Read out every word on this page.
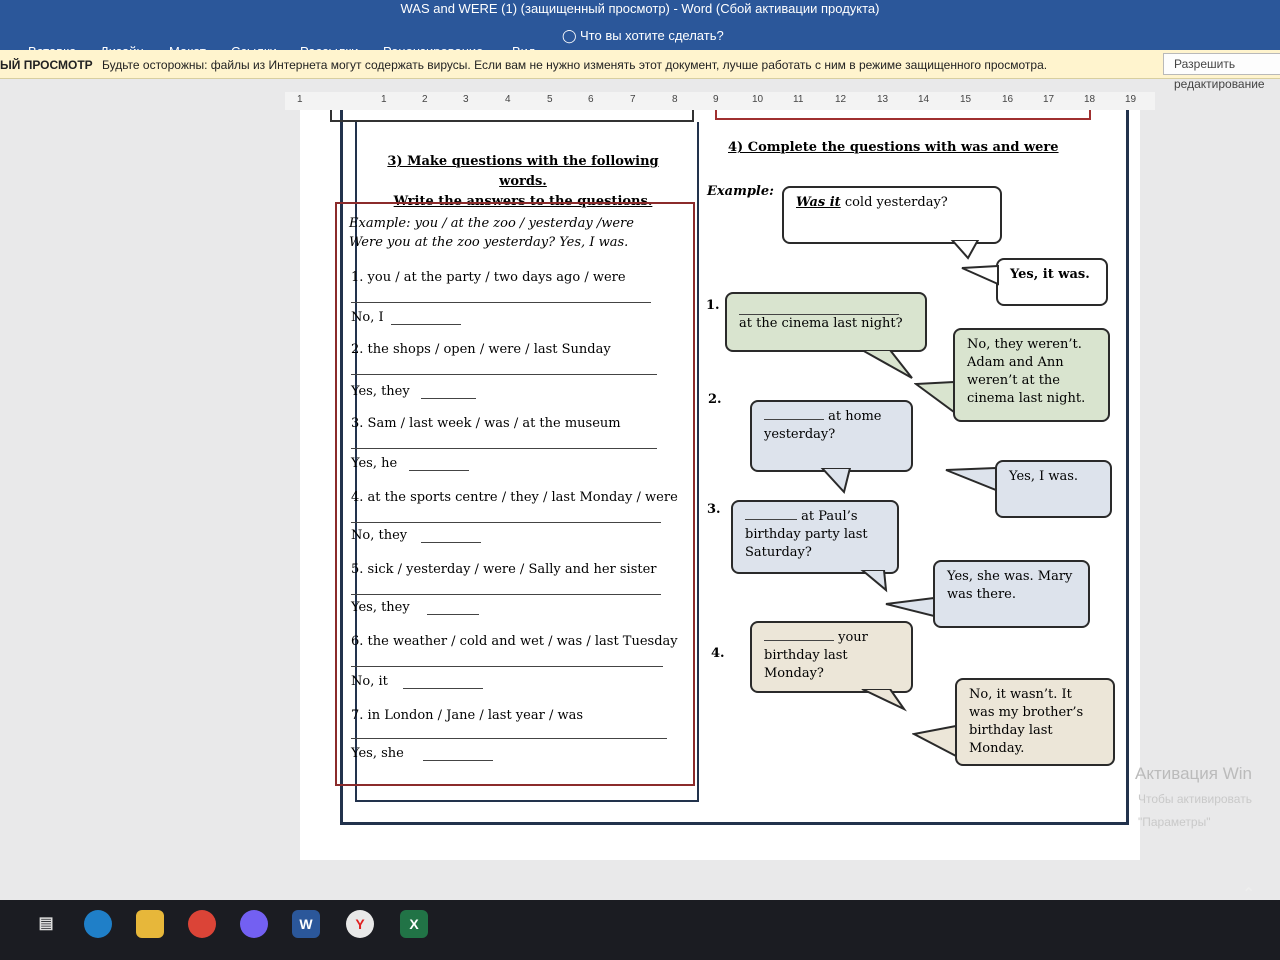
WAS and WERE (1) (защищенный просмотр) - Word (Сбой активации продукта)
◯ Что вы хотите сделать?
ЫЙ ПРОСМОТР Будьте осторожны: файлы из Интернета могут содержать вирусы. Если вам не нужно изменять этот документ, лучше работать с ним в режиме защищенного просмотра.	Разрешить редактирование
1	1	2	3	4	5	6	7	8	9	10	11	12	13	14	15	16	17	18	19
3) Make questions with the following words.
Write the answers to the questions.
Example: you / at the zoo / yesterday /were
Were you at the zoo yesterday? Yes, I was.
1. you / at the party / two days ago / were
No, I
2. the shops / open / were / last Sunday
Yes, they
3. Sam / last week / was / at the museum
Yes, he
4. at the sports centre / they / last Monday / were
No, they
5. sick / yesterday / were / Sally and her sister
Yes, they
6. the weather / cold and wet / was / last Tuesday
No, it
7. in London / Jane / last year / was
Yes, she
4) Complete the questions with was and were
Example:
Was it cold yesterday?
Yes, it was.
1.
at the cinema last night?
No, they weren’t. Adam and Ann weren’t at the cinema last night.
2.
at home
yesterday?
Yes, I was.
3.	at Paul’s
birthday party last
Saturday?
Yes, she was. Mary was there.
4.
your
birthday last
Monday?
No, it wasn’t. It was my brother’s birthday last Monday.
Активация Win
Чтобы активировать
"Параметры"
▤	W	Y	X
⌃
